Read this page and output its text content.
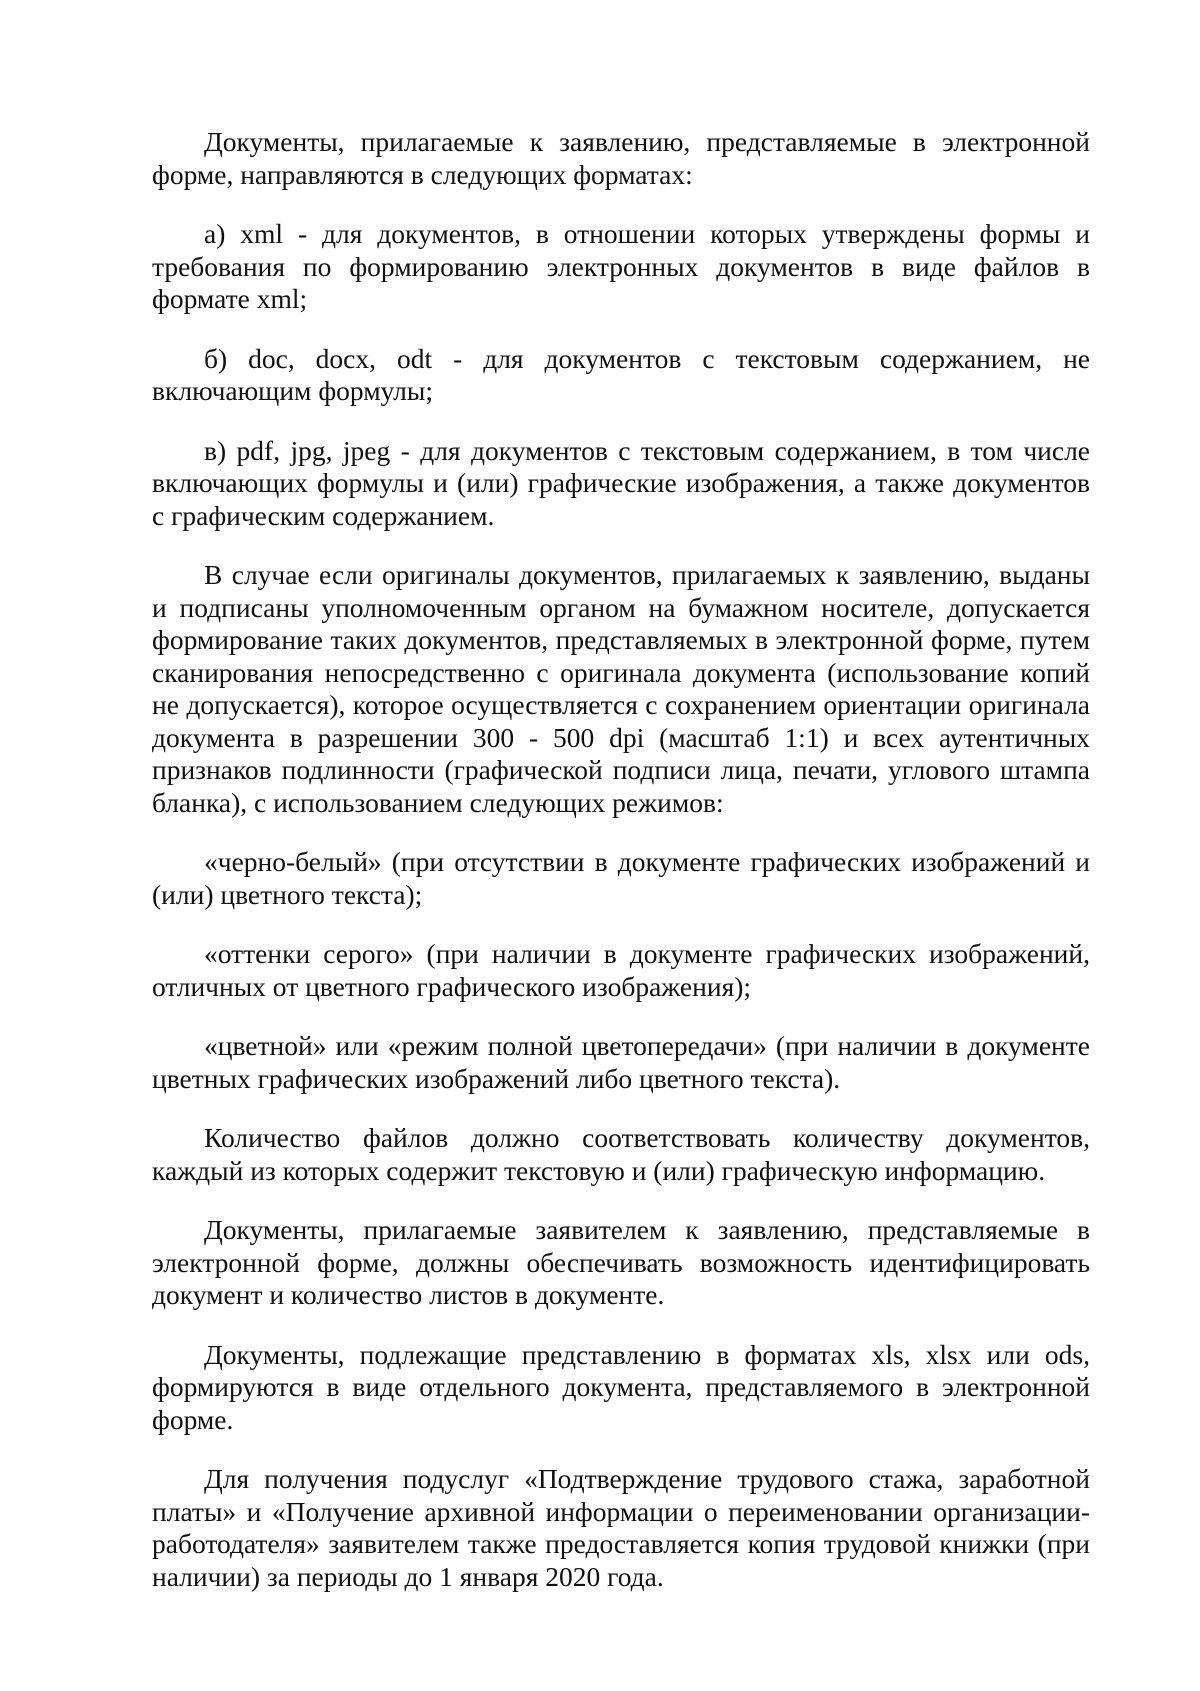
Документы, прилагаемые к заявлению, представляемые в электронной форме, направляются в следующих форматах:

а) xml - для документов, в отношении которых утверждены формы и требования по формированию электронных документов в виде файлов в формате xml;

б) doc, docx, odt - для документов с текстовым содержанием, не включающим формулы;

в) pdf, jpg, jpeg - для документов с текстовым содержанием, в том числе включающих формулы и (или) графические изображения, а также документов с графическим содержанием.

В случае если оригиналы документов, прилагаемых к заявлению, выданы и подписаны уполномоченным органом на бумажном носителе, допускается формирование таких документов, представляемых в электронной форме, путем сканирования непосредственно с оригинала документа (использование копий не допускается), которое осуществляется с сохранением ориентации оригинала документа в разрешении 300 - 500 dpi (масштаб 1:1) и всех аутентичных признаков подлинности (графической подписи лица, печати, углового штампа бланка), с использованием следующих режимов:

«черно-белый» (при отсутствии в документе графических изображений и (или) цветного текста);

«оттенки серого» (при наличии в документе графических изображений, отличных от цветного графического изображения);

«цветной» или «режим полной цветопередачи» (при наличии в документе цветных графических изображений либо цветного текста).

Количество файлов должно соответствовать количеству документов, каждый из которых содержит текстовую и (или) графическую информацию.

Документы, прилагаемые заявителем к заявлению, представляемые в электронной форме, должны обеспечивать возможность идентифицировать документ и количество листов в документе.

Документы, подлежащие представлению в форматах xls, xlsx или ods, формируются в виде отдельного документа, представляемого в электронной форме.

Для получения подуслуг «Подтверждение трудового стажа, заработной платы» и «Получение архивной информации о переименовании организации-работодателя» заявителем также предоставляется копия трудовой книжки (при наличии) за периоды до 1 января 2020 года.
